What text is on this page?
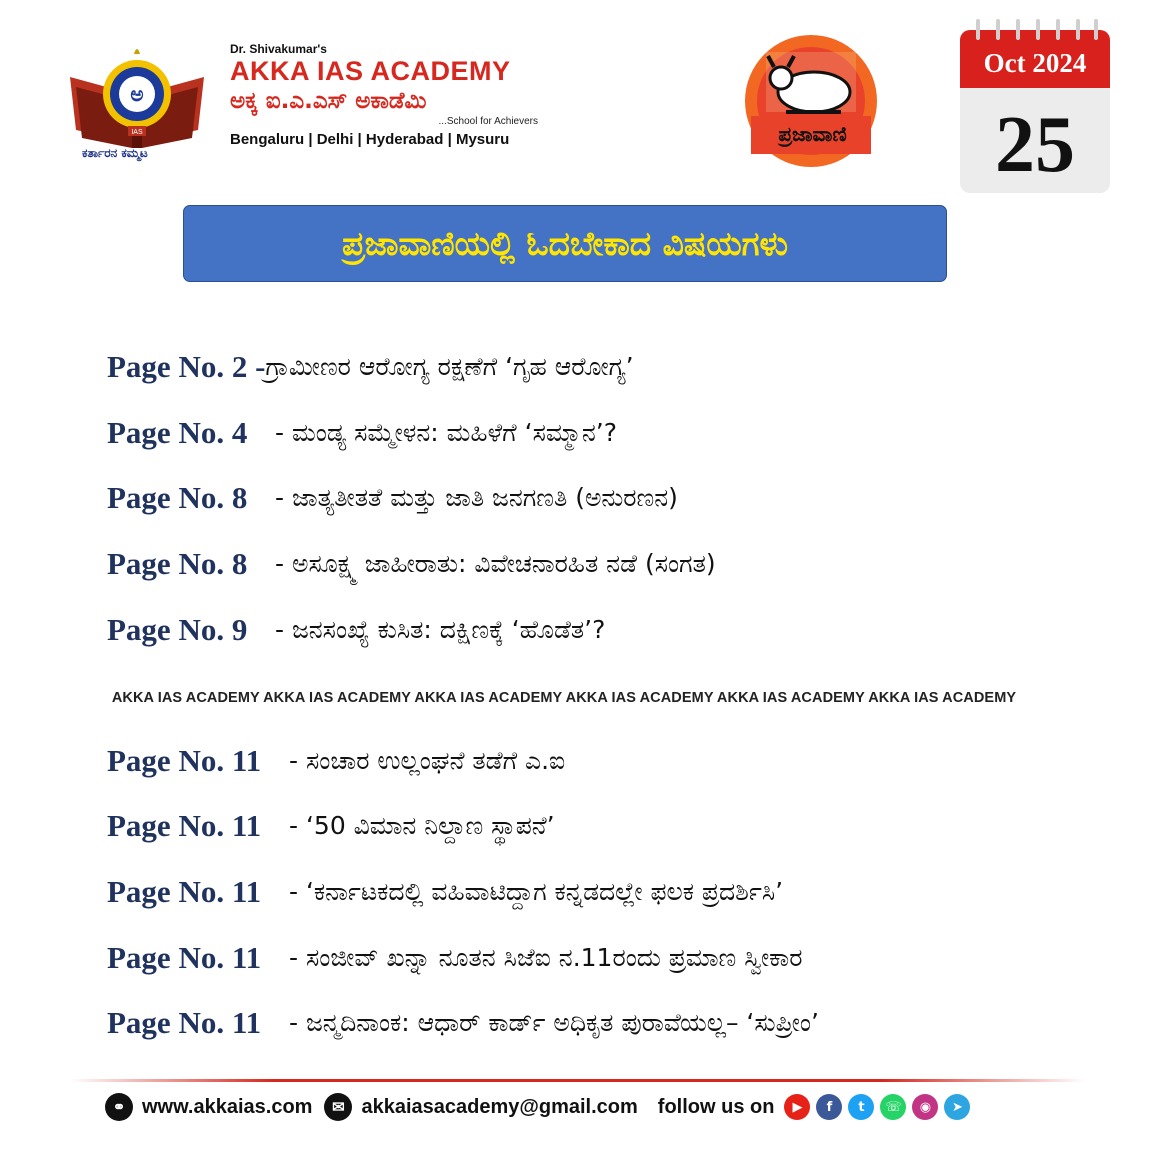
ಅ
IAS
ಕರ್ತಾರನ ಕಮ್ಮಟ
Dr. Shivakumar's
AKKA IAS ACADEMY
ಅಕ್ಕ ಐ.ಎ.ಎಸ್ ಅಕಾಡೆಮಿ
...School for Achievers
Bengaluru | Delhi | Hyderabad | Mysuru	ಪ್ರಜಾವಾಣಿ
Oct 2024
25
ಪ್ರಜಾವಾಣಿಯಲ್ಲಿ ಓದಬೇಕಾದ ವಿಷಯಗಳು
Page No. 2 - ಗ್ರಾಮೀಣರ ಆರೋಗ್ಯ ರಕ್ಷಣೆಗೆ ‘ಗೃಹ ಆರೋಗ್ಯ’
Page No. 4	- ಮಂಡ್ಯ ಸಮ್ಮೇಳನ: ಮಹಿಳೆಗೆ ‘ಸಮ್ಮಾನ’?
Page No. 8	- ಜಾತ್ಯತೀತತೆ ಮತ್ತು ಜಾತಿ ಜನಗಣತಿ (ಅನುರಣನ)
Page No. 8	- ಅಸೂಕ್ಷ್ಮ ಜಾಹೀರಾತು: ವಿವೇಚನಾರಹಿತ ನಡೆ (ಸಂಗತ)
Page No. 9	- ಜನಸಂಖ್ಯೆ ಕುಸಿತ: ದಕ್ಷಿಣಕ್ಕೆ ‘ಹೊಡೆತ’?
AKKA IAS ACADEMY AKKA IAS ACADEMY AKKA IAS ACADEMY AKKA IAS ACADEMY AKKA IAS ACADEMY AKKA IAS ACADEMY
Page No. 11	- ಸಂಚಾರ ಉಲ್ಲಂಘನೆ ತಡೆಗೆ ಎ.ಐ
Page No. 11	- ‘50 ವಿಮಾನ ನಿಲ್ದಾಣ ಸ್ಥಾಪನೆ’
Page No. 11	- ‘ಕರ್ನಾಟಕದಲ್ಲಿ ವಹಿವಾಟಿದ್ದಾಗ ಕನ್ನಡದಲ್ಲೇ ಫಲಕ ಪ್ರದರ್ಶಿಸಿ’
Page No. 11	- ಸಂಜೀವ್ ಖನ್ನಾ ನೂತನ ಸಿಜೆಐ ನ.11ರಂದು ಪ್ರಮಾಣ ಸ್ವೀಕಾರ
Page No. 11	- ಜನ್ಮದಿನಾಂಕ: ಆಧಾರ್ ಕಾರ್ಡ್ ಅಧಿಕೃತ ಪುರಾವೆಯಲ್ಲ– ‘ಸುಪ್ರೀಂ’
⚭ www.akkaias.com	✉ akkaiasacademy@gmail.com follow us on	▶	f	t	☏	◉	➤
